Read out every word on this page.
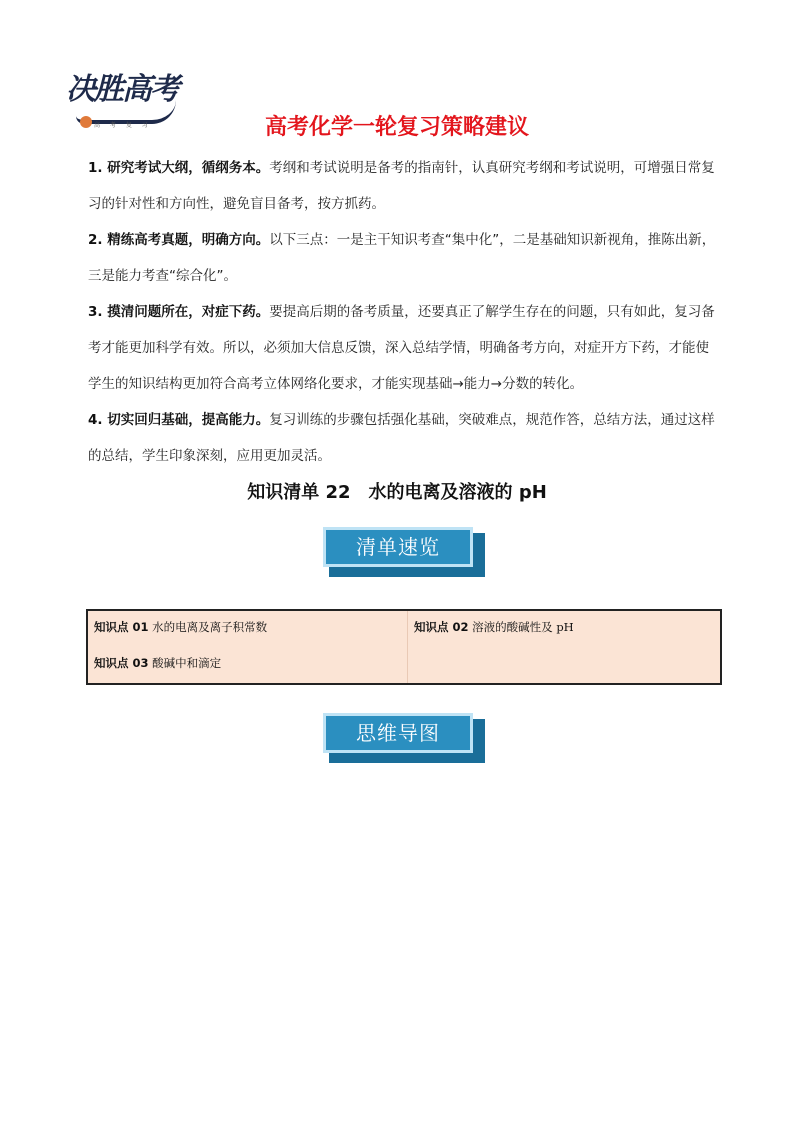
决胜高考
高 考 复 习	高考化学一轮复习策略建议

1. 研究考试大纲，循纲务本。考纲和考试说明是备考的指南针，认真研究考纲和考试说明，可增强日常复习的针对性和方向性，避免盲目备考，按方抓药。

2. 精练高考真题，明确方向。以下三点：一是主干知识考查“集中化”，二是基础知识新视角，推陈出新，三是能力考查“综合化”。

3. 摸清问题所在，对症下药。要提高后期的备考质量，还要真正了解学生存在的问题，只有如此，复习备考才能更加科学有效。所以，必须加大信息反馈，深入总结学情，明确备考方向，对症开方下药，才能使学生的知识结构更加符合高考立体网络化要求，才能实现基础→能力→分数的转化。

4. 切实回归基础，提高能力。复习训练的步骤包括强化基础，突破难点，规范作答，总结方法，通过这样的总结，学生印象深刻，应用更加灵活。

知识清单 22　水的电离及溶液的 pH
清单速览
知识点 01 水的电离及离子积常数	知识点 02 溶液的酸碱性及 pH
知识点 03 酸碱中和滴定
思维导图
